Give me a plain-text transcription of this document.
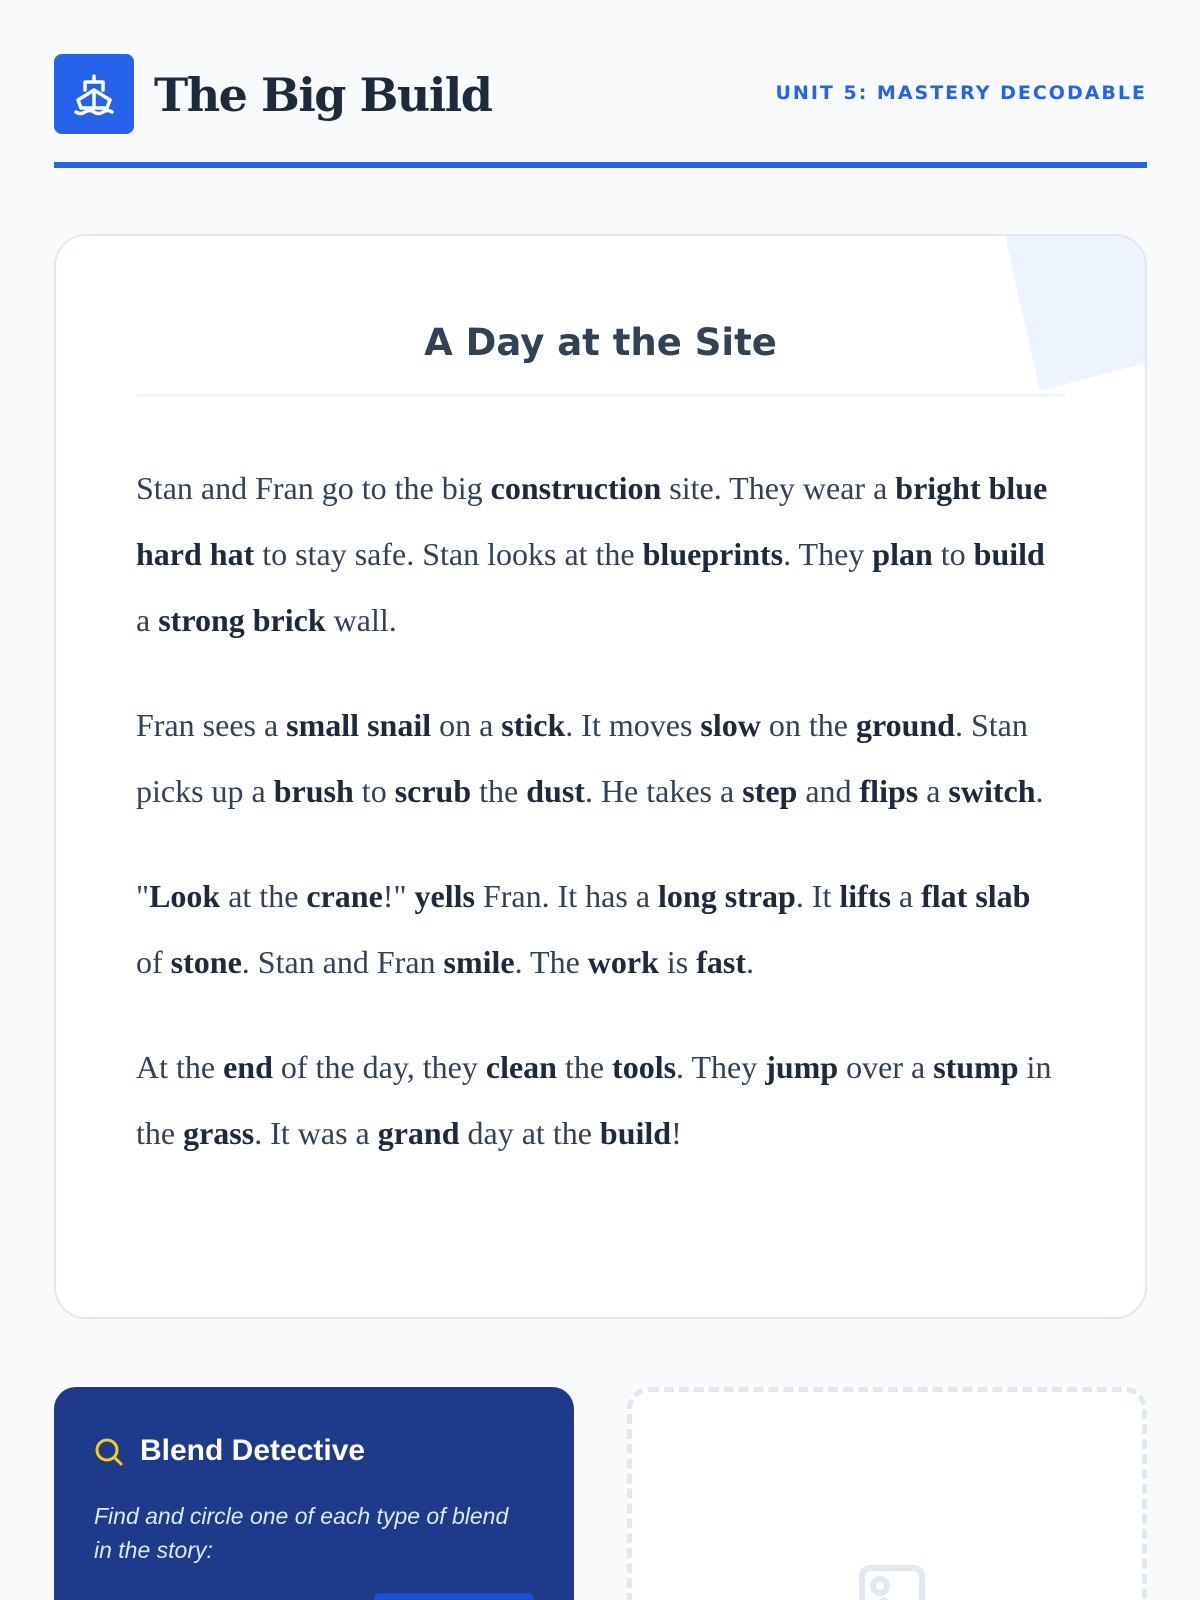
The Big Build	UNIT 5: MASTERY DECODABLE
A Day at the Site

Stan and Fran go to the big construction site. They wear a bright blue hard hat to stay safe. Stan looks at the blueprints. They plan to build a strong brick wall.

Fran sees a small snail on a stick. It moves slow on the ground. Stan picks up a brush to scrub the dust. He takes a step and flips a switch.

"Look at the crane!" yells Fran. It has a long strap. It lifts a flat slab of stone. Stan and Fran smile. The work is fast.

At the end of the day, they clean the tools. They jump over a stump in the grass. It was a grand day at the build!

Blend Detective

Find and circle one of each type of blend in the story:
